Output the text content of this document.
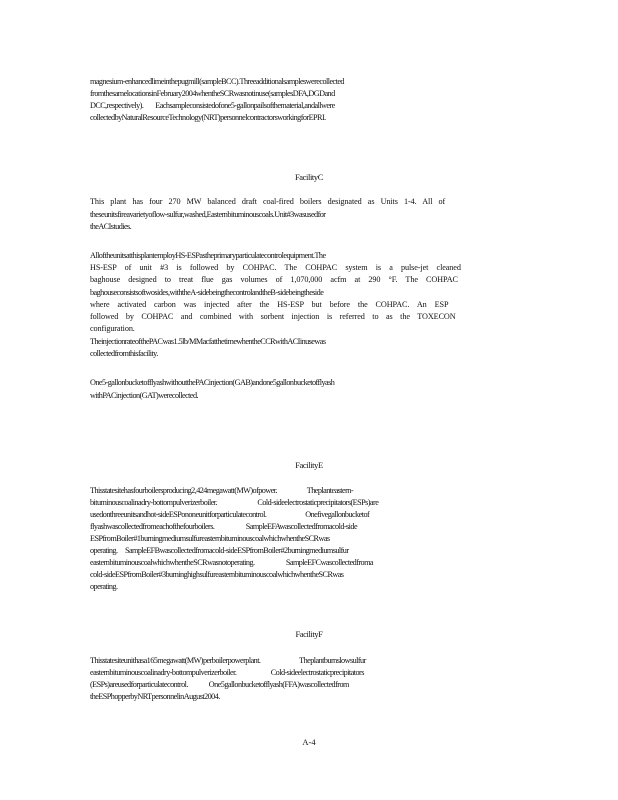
magnesium-enhancedlimeinthepugmill(sampleBCC).Threeadditionalsampleswerecollected
fromthesamelocationsinFebruary2004whentheSCRwasnotinuse(samplesDFA,DGDand
DCC,respectively).        Eachsampleconsistedofone5-gallonpailsofthematerial,andallwere
collectedbyNaturalResourceTechnology(NRT)personnelcontractorsworkingforEPRI.
FacilityC
This plant has four 270 MW balanced draft coal-fired boilers designated as Units 1-4. All of
theseunitsfireavarietyoflow-sulfur,washed,Easternbituminouscoals.Unit#3wasusedfor
theACIstudies.
AlloftheunitsatthisplantemployHS-ESPastheprimaryparticulatecontrolequipment.The
HS-ESP of unit #3 is followed by COHPAC. The COHPAC system is a pulse-jet cleaned
baghouse designed to treat flue gas volumes of 1,070,000 acfm at 290 °F. The COHPAC
baghouseconsistsoftwosides,withtheA-sidebeingthecontrolandtheB-sidebeingtheside
where activated carbon was injected after the HS-ESP but before the COHPAC. An ESP
followed by COHPAC and combined with sorbent injection is referred to as the TOXECON
configuration.
TheinjectionrateofthePACwas1.5lb/MMacfatthetimewhentheCCRwithACIinusewas
collectedfromthisfacility.
One5-gallonbucketofflyashwithoutthePACinjection(GAB)andone5gallonbucketofflyash
withPACinjection(GAT)werecollected.
FacilityE
Thisstatesitehasfourboilersproducing2,424megawatt(MW)ofpower.                    Theplanteastern-
bituminouscoalinadry-bottompulverizerboiler.                           Cold-sideelectrostaticprecipitators(ESPs)are
usedonthreeunitsandhot-sideESPononeunitforparticulatecontrol.                          Onefivegallonbucketof
flyashwascollectedfromeachofthefourboilers.                     SampleEFAwascollectedfromacold-side
ESPfromBoiler#1burningmediumsulfureasternbituminouscoalwhichwhentheSCRwas
operating.     SampleEFBwascollectedfromacold-sideESPfromBoiler#2burningmediumsulfur
easternbituminouscoalwhichwhentheSCRwasnotoperating.                     SampleEFCwascollectedfroma
cold-sideESPfromBoiler#3burninghighsulfureasternbituminouscoalwhichwhentheSCRwas
operating.
FacilityF
Thisstatesiteunithasa165megawatt(MW)perboilerpowerplant.                          Theplantburnslowsulfur
easternbituminouscoalinadry-bottompulverizerboiler.                       Cold-sideelectrostaticprecipitators
(ESPs)areusedforparticulatecontrol.              One5gallonbucketofflyash(FFA)wascollectedfrom
theESPhopperbyNRTpersonnelinAugust2004.
A-4
